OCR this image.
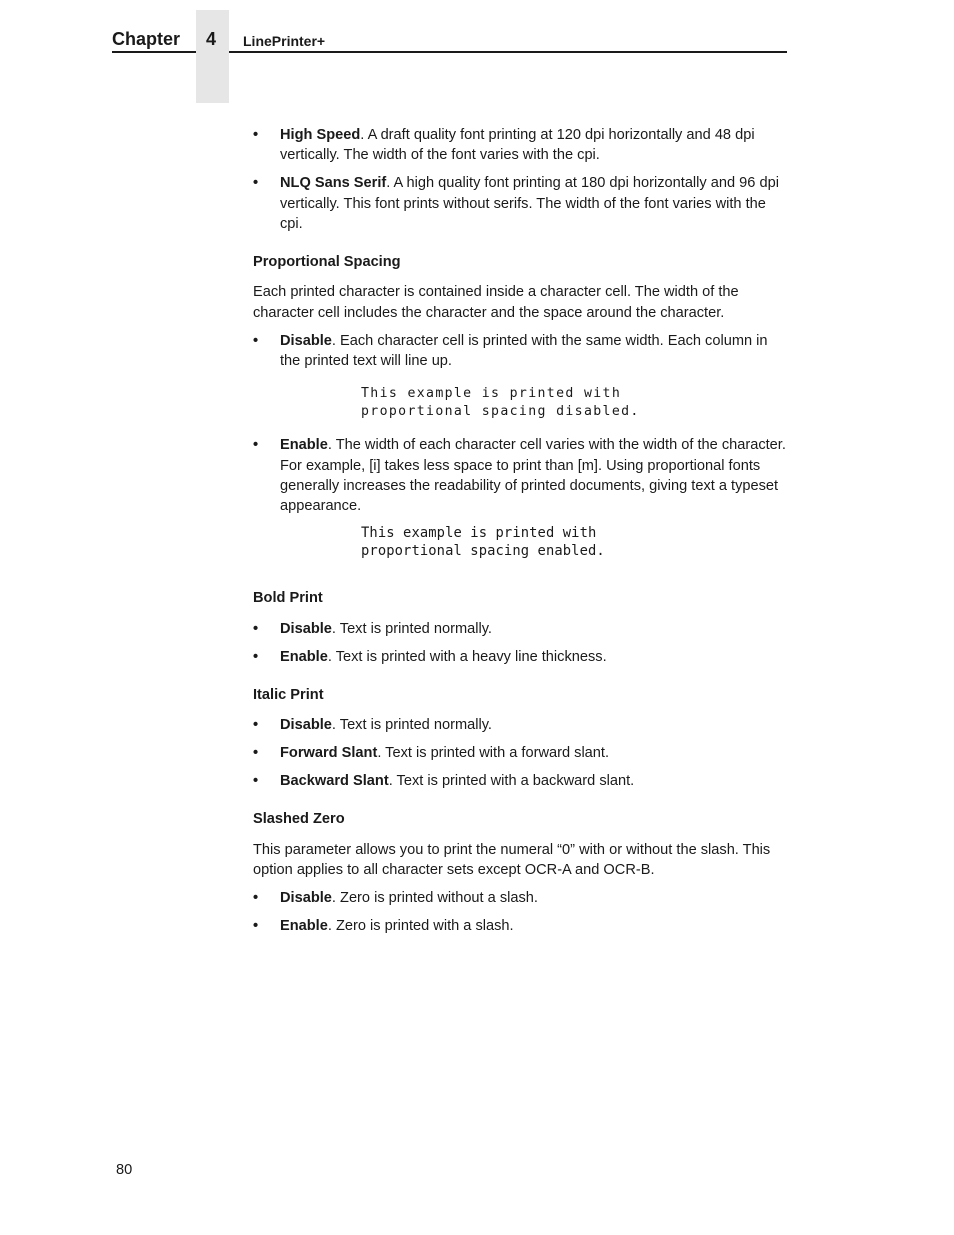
Chapter 4 LinePrinter+
• High Speed. A draft quality font printing at 120 dpi horizontally and 48 dpi vertically. The width of the font varies with the cpi.
• NLQ Sans Serif. A high quality font printing at 180 dpi horizontally and 96 dpi vertically. This font prints without serifs. The width of the font varies with the cpi.
Proportional Spacing
Each printed character is contained inside a character cell. The width of the character cell includes the character and the space around the character.
• Disable. Each character cell is printed with the same width. Each column in the printed text will line up.
This example is printed with
proportional spacing disabled.
• Enable. The width of each character cell varies with the width of the character. For example, [i] takes less space to print than [m]. Using proportional fonts generally increases the readability of printed documents, giving text a typeset appearance.
This example is printed with
proportional spacing enabled.
Bold Print
• Disable. Text is printed normally.
• Enable. Text is printed with a heavy line thickness.
Italic Print
• Disable. Text is printed normally.
• Forward Slant. Text is printed with a forward slant.
• Backward Slant. Text is printed with a backward slant.
Slashed Zero
This parameter allows you to print the numeral “0” with or without the slash. This option applies to all character sets except OCR-A and OCR-B.
• Disable. Zero is printed without a slash.
• Enable. Zero is printed with a slash.
80
